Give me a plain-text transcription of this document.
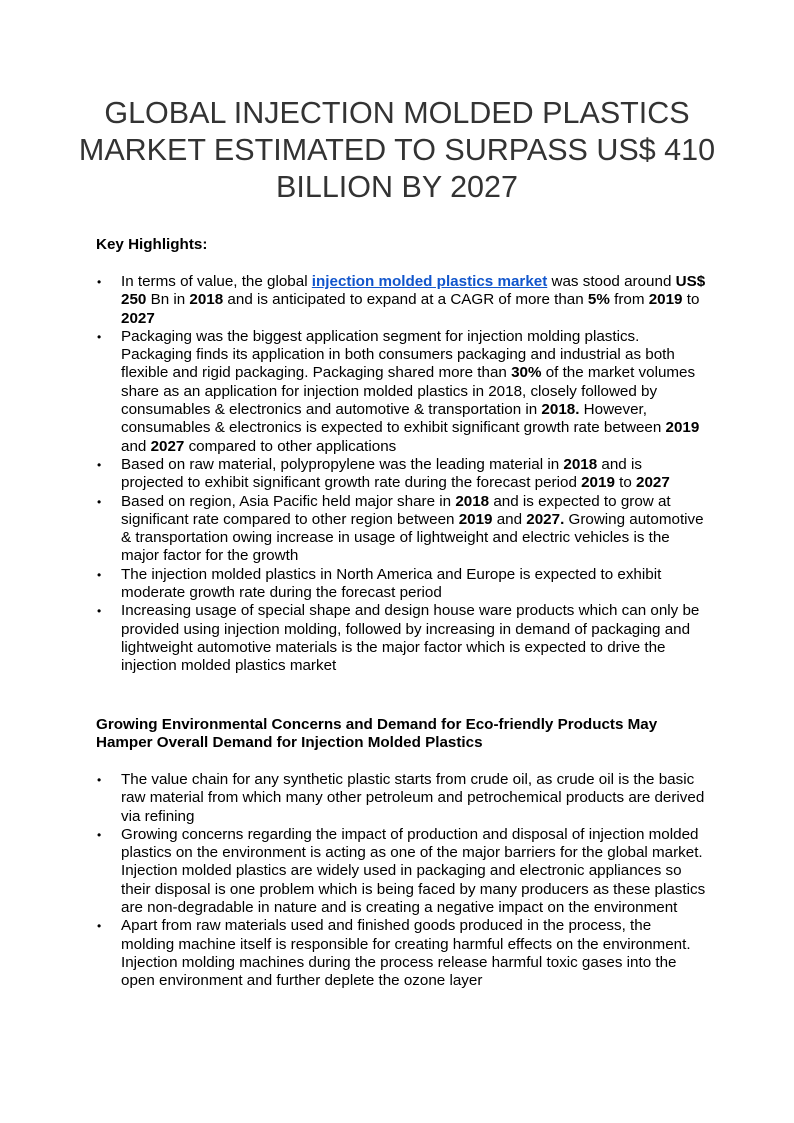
GLOBAL INJECTION MOLDED PLASTICS MARKET ESTIMATED TO SURPASS US$ 410 BILLION BY 2027
Key Highlights:
• In terms of value, the global injection molded plastics market was stood around US$ 250 Bn in 2018 and is anticipated to expand at a CAGR of more than 5% from 2019 to 2027
• Packaging was the biggest application segment for injection molding plastics. Packaging finds its application in both consumers packaging and industrial as both flexible and rigid packaging. Packaging shared more than 30% of the market volumes share as an application for injection molded plastics in 2018, closely followed by consumables & electronics and automotive & transportation in 2018. However, consumables & electronics is expected to exhibit significant growth rate between 2019 and 2027 compared to other applications
• Based on raw material, polypropylene was the leading material in 2018 and is projected to exhibit significant growth rate during the forecast period 2019 to 2027
• Based on region, Asia Pacific held major share in 2018 and is expected to grow at significant rate compared to other region between 2019 and 2027. Growing automotive & transportation owing increase in usage of lightweight and electric vehicles is the major factor for the growth
• The injection molded plastics in North America and Europe is expected to exhibit moderate growth rate during the forecast period
• Increasing usage of special shape and design house ware products which can only be provided using injection molding, followed by increasing in demand of packaging and lightweight automotive materials is the major factor which is expected to drive the injection molded plastics market
Growing Environmental Concerns and Demand for Eco-friendly Products May Hamper Overall Demand for Injection Molded Plastics
• The value chain for any synthetic plastic starts from crude oil, as crude oil is the basic raw material from which many other petroleum and petrochemical products are derived via refining
• Growing concerns regarding the impact of production and disposal of injection molded plastics on the environment is acting as one of the major barriers for the global market. Injection molded plastics are widely used in packaging and electronic appliances so their disposal is one problem which is being faced by many producers as these plastics are non-degradable in nature and is creating a negative impact on the environment
• Apart from raw materials used and finished goods produced in the process, the molding machine itself is responsible for creating harmful effects on the environment. Injection molding machines during the process release harmful toxic gases into the open environment and further deplete the ozone layer
